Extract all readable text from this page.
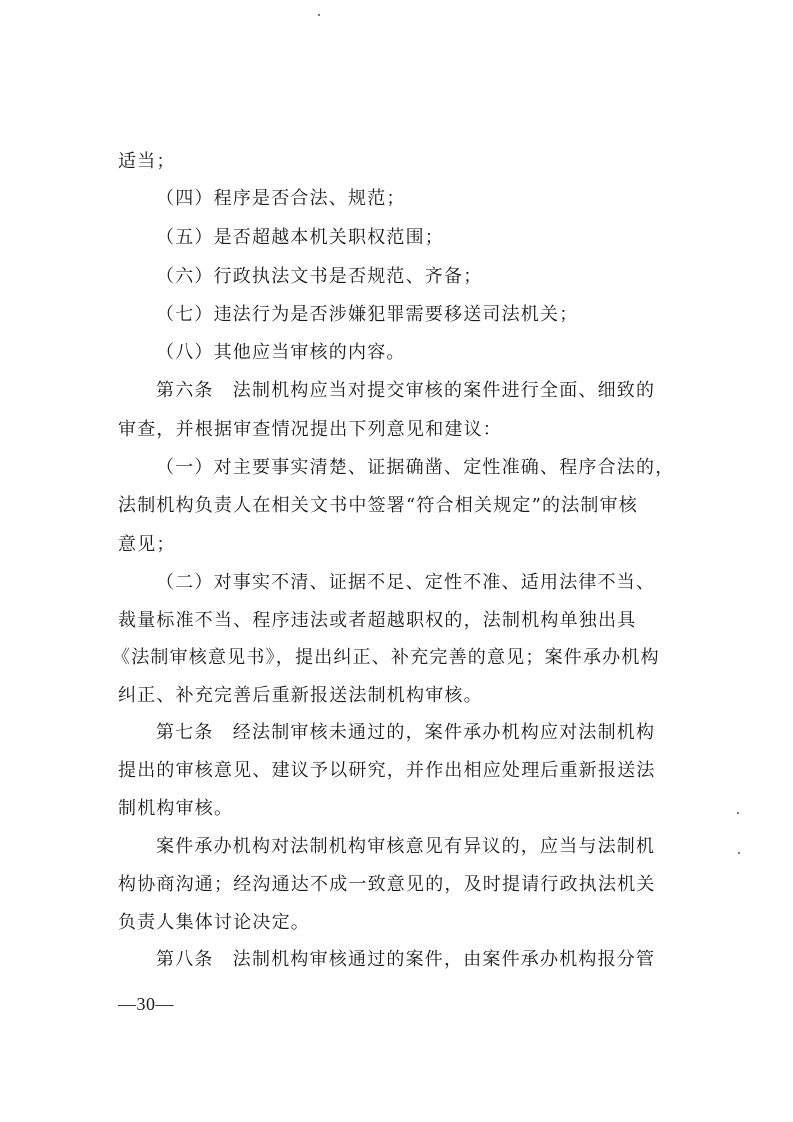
适当；
（四）程序是否合法、规范；
（五）是否超越本机关职权范围；
（六）行政执法文书是否规范、齐备；
（七）违法行为是否涉嫌犯罪需要移送司法机关；
（八）其他应当审核的内容。
第六条　法制机构应当对提交审核的案件进行全面、细致的
审查，并根据审查情况提出下列意见和建议：
（一）对主要事实清楚、证据确凿、定性准确、程序合法的，
法制机构负责人在相关文书中签署“符合相关规定”的法制审核
意见；
（二）对事实不清、证据不足、定性不准、适用法律不当、
裁量标准不当、程序违法或者超越职权的，法制机构单独出具
《法制审核意见书》，提出纠正、补充完善的意见；案件承办机构
纠正、补充完善后重新报送法制机构审核。
第七条　经法制审核未通过的，案件承办机构应对法制机构
提出的审核意见、建议予以研究，并作出相应处理后重新报送法
制机构审核。
案件承办机构对法制机构审核意见有异议的，应当与法制机
构协商沟通；经沟通达不成一致意见的，及时提请行政执法机关
负责人集体讨论决定。
第八条　法制机构审核通过的案件，由案件承办机构报分管
—30—
